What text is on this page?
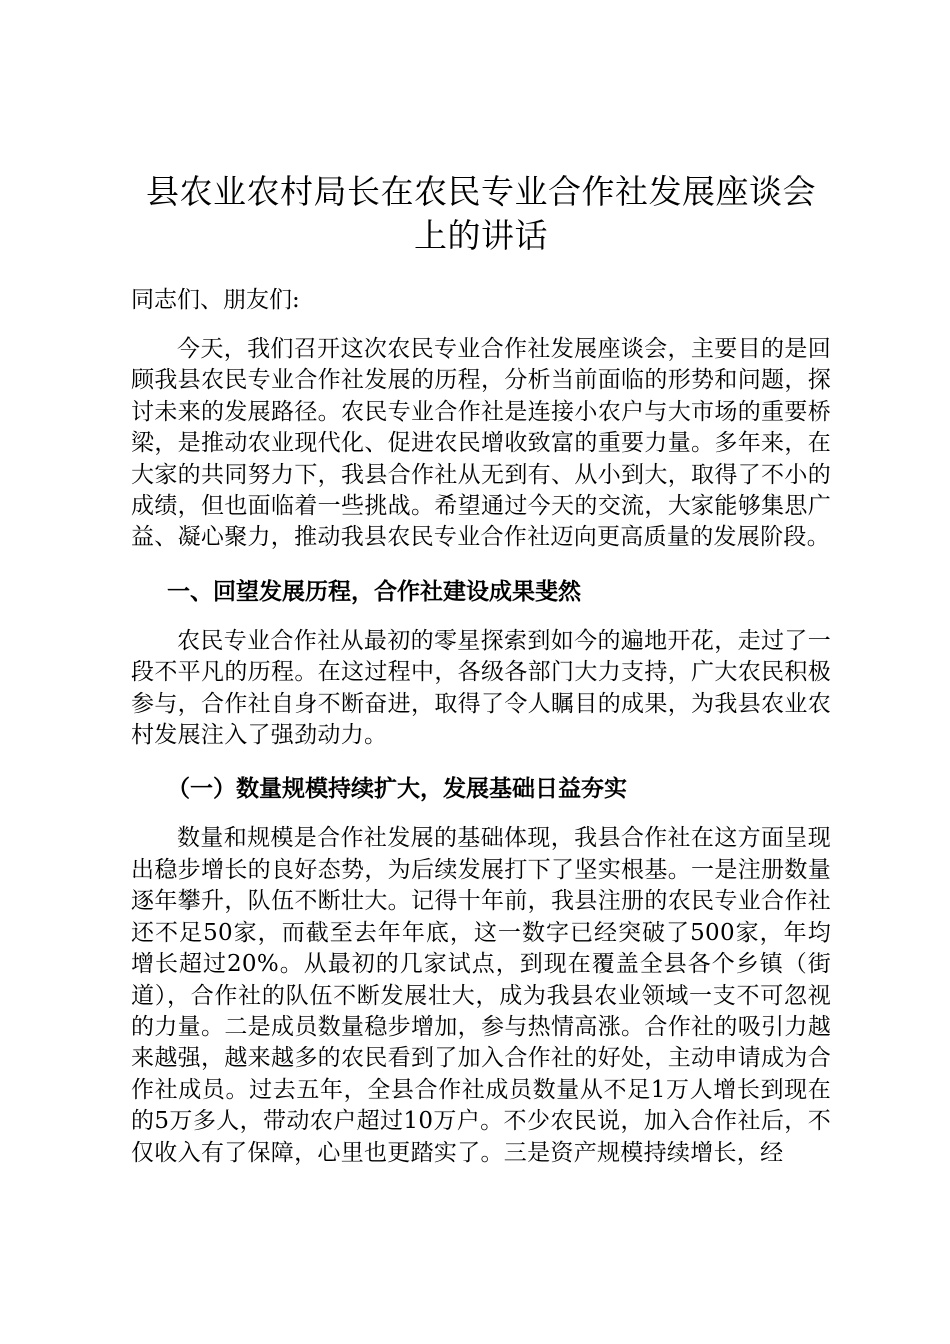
县农业农村局长在农民专业合作社发展座谈会上的讲话

同志们、朋友们:

今天，我们召开这次农民专业合作社发展座谈会，主要目的是回顾我县农民专业合作社发展的历程，分析当前面临的形势和问题，探讨未来的发展路径。农民专业合作社是连接小农户与大市场的重要桥梁，是推动农业现代化、促进农民增收致富的重要力量。多年来，在大家的共同努力下，我县合作社从无到有、从小到大，取得了不小的成绩，但也面临着一些挑战。希望通过今天的交流，大家能够集思广益、凝心聚力，推动我县农民专业合作社迈向更高质量的发展阶段。

一、回望发展历程，合作社建设成果斐然

农民专业合作社从最初的零星探索到如今的遍地开花，走过了一段不平凡的历程。在这过程中，各级各部门大力支持，广大农民积极参与，合作社自身不断奋进，取得了令人瞩目的成果，为我县农业农村发展注入了强劲动力。

（一）数量规模持续扩大，发展基础日益夯实

数量和规模是合作社发展的基础体现，我县合作社在这方面呈现出稳步增长的良好态势，为后续发展打下了坚实根基。一是注册数量逐年攀升，队伍不断壮大。记得十年前，我县注册的农民专业合作社还不足50家，而截至去年年底，这一数字已经突破了500家，年均增长超过20%。从最初的几家试点，到现在覆盖全县各个乡镇（街道），合作社的队伍不断发展壮大，成为我县农业领域一支不可忽视的力量。二是成员数量稳步增加，参与热情高涨。合作社的吸引力越来越强，越来越多的农民看到了加入合作社的好处，主动申请成为合作社成员。过去五年，全县合作社成员数量从不足1万人增长到现在的5万多人，带动农户超过10万户。不少农民说，加入合作社后，不仅收入有了保障，心里也更踏实了。三是资产规模持续增长，经
